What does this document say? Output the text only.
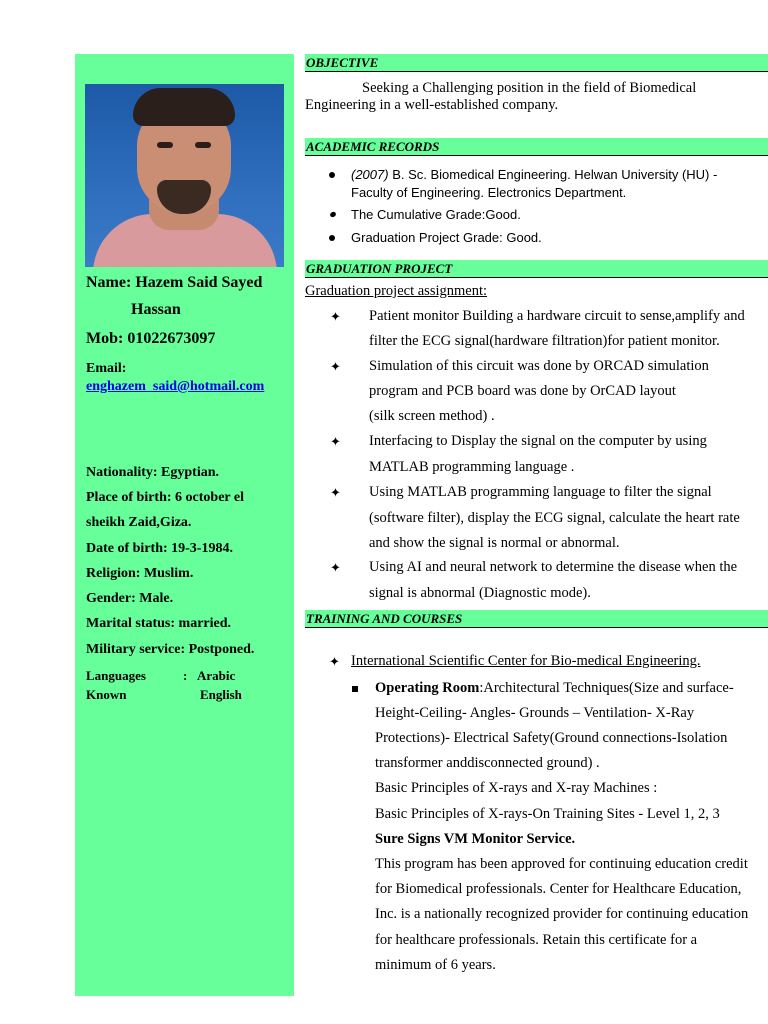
Name: Hazem Said Sayed
Hassan
Mob: 01022673097
Email:
enghazem_said@hotmail.com
Nationality: Egyptian.
Place of birth: 6 october el
sheikh Zaid,Giza.
Date of birth: 19-3-1984.
Religion: Muslim.
Gender: Male.
Marital status: married.
Military service: Postponed.
Languages
Known
: Arabic
English
OBJECTIVE
Seeking a Challenging position in the field of Biomedical
Engineering in a well-established company.
ACADEMIC RECORDS
(2007) B. Sc. Biomedical Engineering. Helwan University (HU) -
Faculty of Engineering. Electronics Department.
The Cumulative Grade:Good.
Graduation Project Grade: Good.
GRADUATION PROJECT
Graduation project assignment:
✦ Patient monitor Building a hardware circuit to sense,amplify and
filter the ECG signal(hardware filtration)for patient monitor.
✦ Simulation of this circuit was done by ORCAD simulation
program and PCB board was done by OrCAD layout
(silk screen method) .
✦ Interfacing to Display the signal on the computer by using
MATLAB programming language .
✦ Using MATLAB programming language to filter the signal
(software filter), display the ECG signal, calculate the heart rate
and show the signal is normal or abnormal.
✦ Using AI and neural network to determine the disease when the
signal is abnormal (Diagnostic mode).
TRAINING AND COURSES
✦ International Scientific Center for Bio-medical Engineering.
Operating Room:Architectural Techniques(Size and surface-
Height-Ceiling- Angles- Grounds – Ventilation- X-Ray
Protections)- Electrical Safety(Ground connections-Isolation
transformer anddisconnected ground) .
Basic Principles of X-rays and X-ray Machines :
Basic Principles of X-rays-On Training Sites - Level 1, 2, 3
Sure Signs VM Monitor Service.
This program has been approved for continuing education credit
for Biomedical professionals. Center for Healthcare Education,
Inc. is a nationally recognized provider for continuing education
for healthcare professionals. Retain this certificate for a
minimum of 6 years.
